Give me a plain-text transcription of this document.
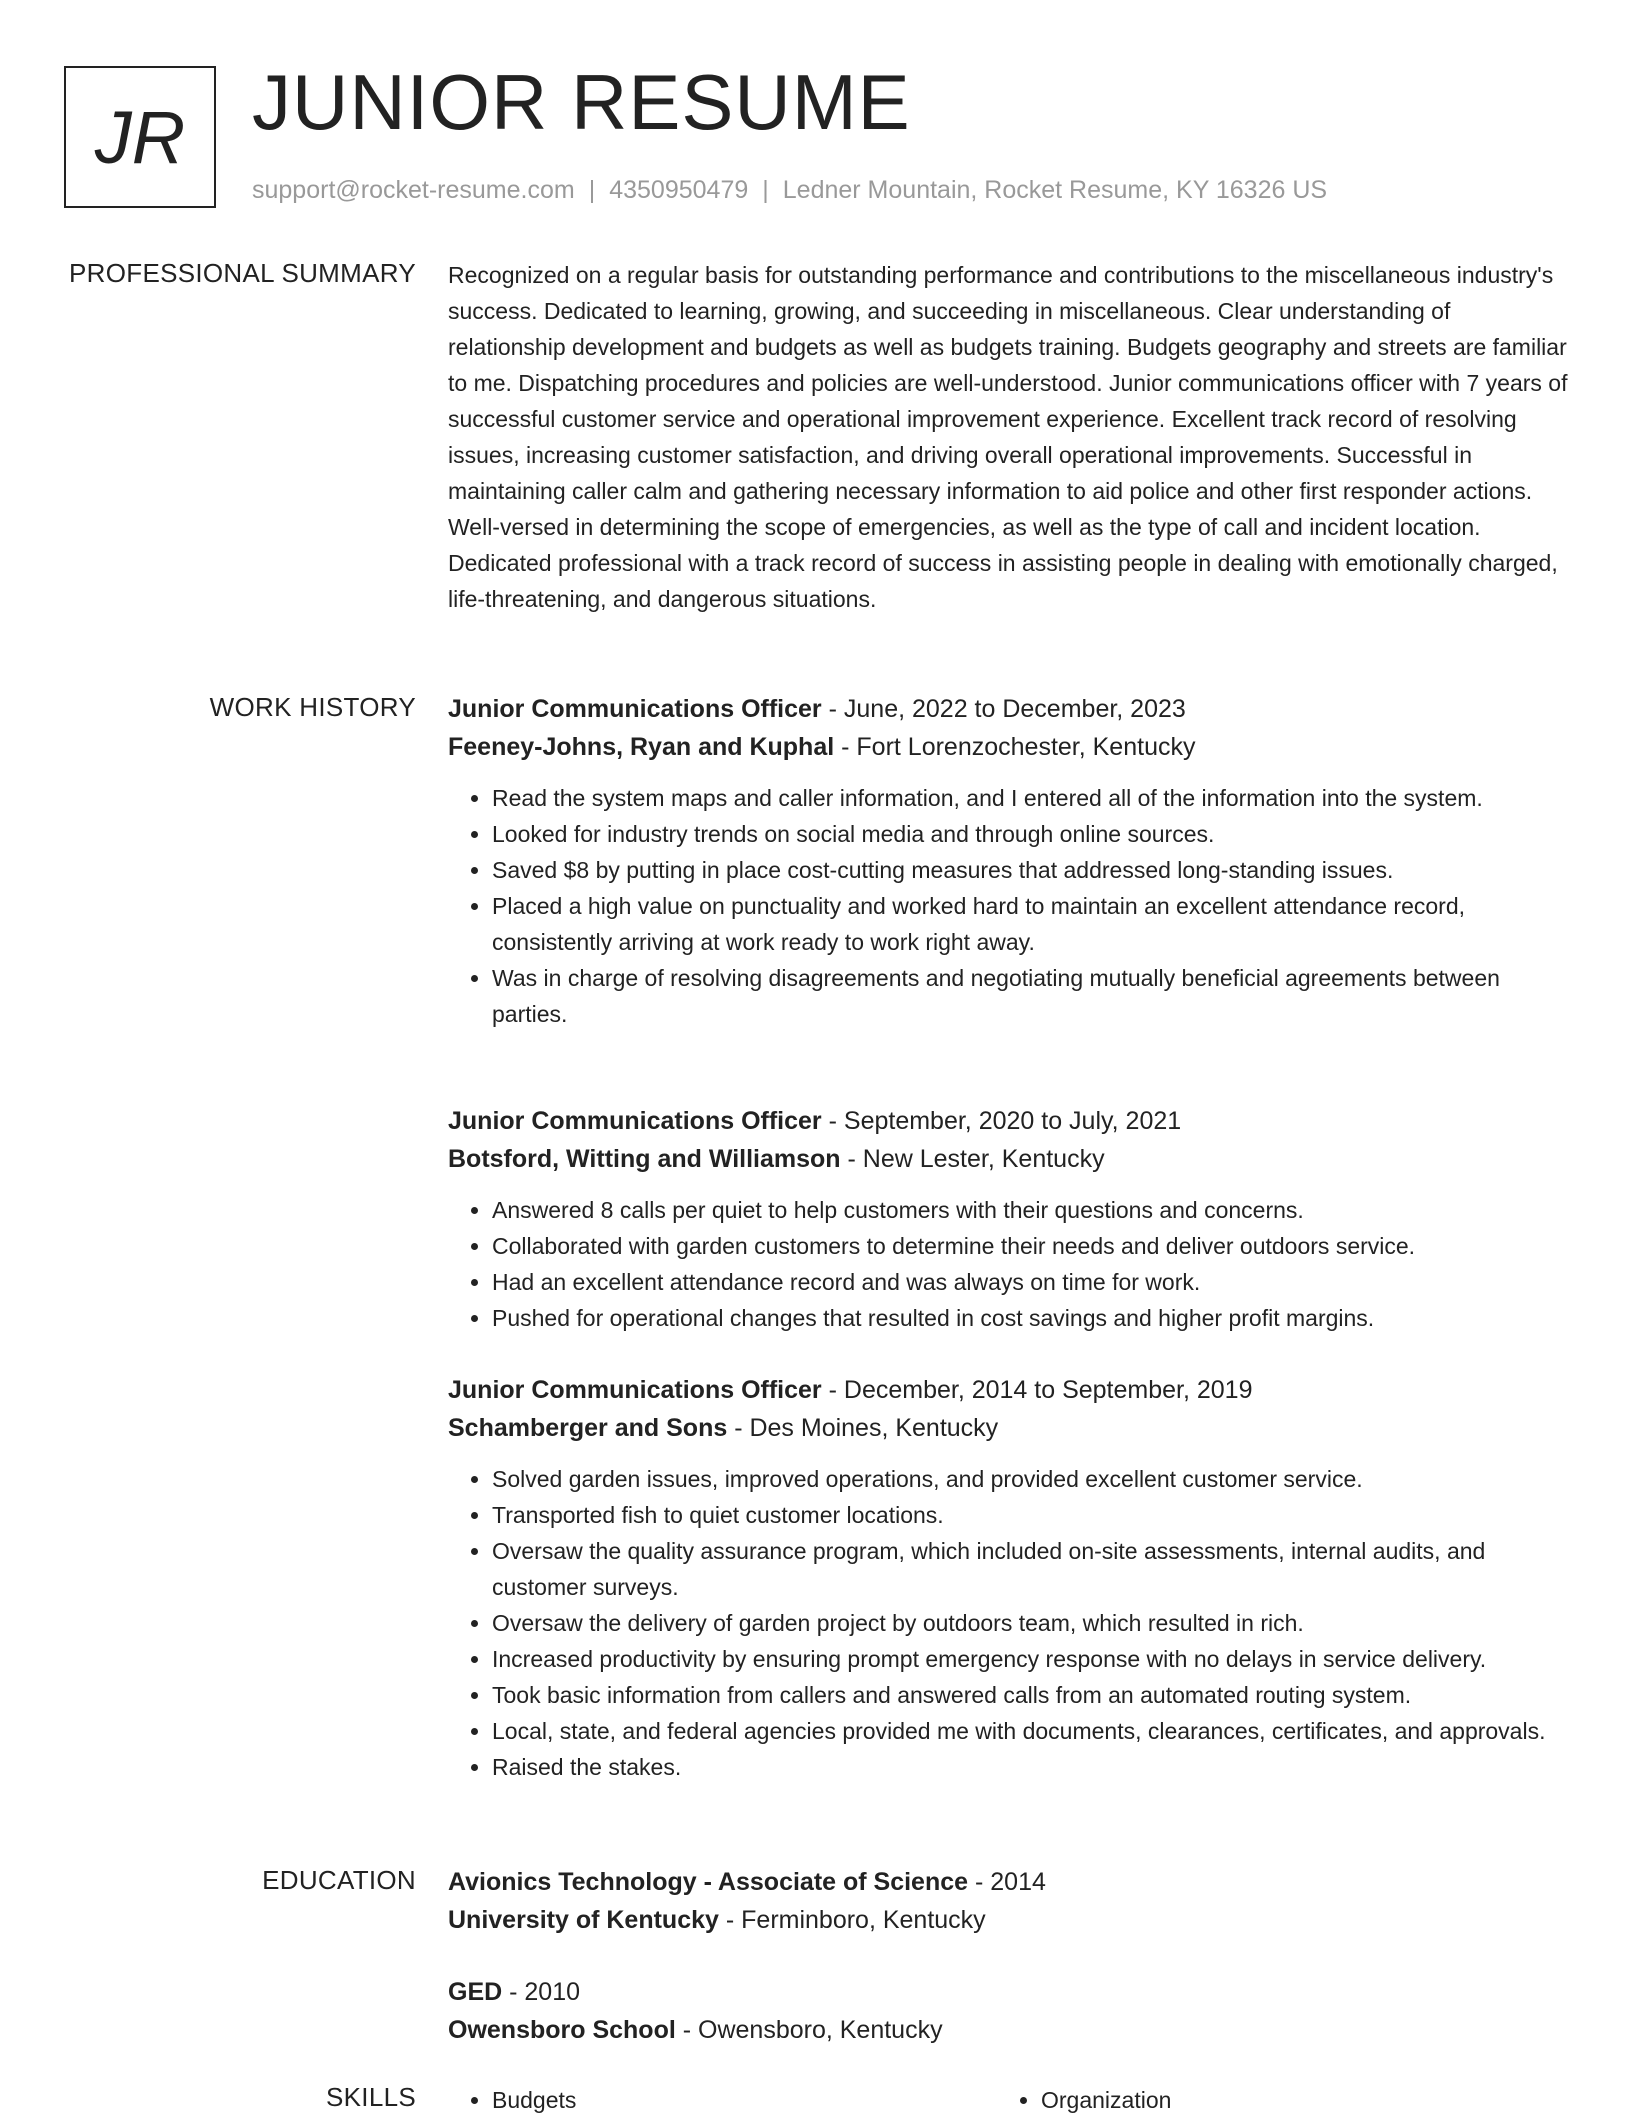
JR JUNIOR RESUME
support@rocket-resume.com | 4350950479 | Ledner Mountain, Rocket Resume, KY 16326 US
PROFESSIONAL SUMMARY Recognized on a regular basis for outstanding performance and contributions to the miscellaneous industry's success. Dedicated to learning, growing, and succeeding in miscellaneous. Clear understanding of relationship development and budgets as well as budgets training. Budgets geography and streets are familiar to me. Dispatching procedures and policies are well-understood. Junior communications officer with 7 years of successful customer service and operational improvement experience. Excellent track record of resolving issues, increasing customer satisfaction, and driving overall operational improvements. Successful in maintaining caller calm and gathering necessary information to aid police and other first responder actions. Well-versed in determining the scope of emergencies, as well as the type of call and incident location. Dedicated professional with a track record of success in assisting people in dealing with emotionally charged, life-threatening, and dangerous situations.
WORK HISTORY Junior Communications Officer - June, 2022 to December, 2023
Feeney-Johns, Ryan and Kuphal - Fort Lorenzochester, Kentucky
• Read the system maps and caller information, and I entered all of the information into the system.
• Looked for industry trends on social media and through online sources.
• Saved $8 by putting in place cost-cutting measures that addressed long-standing issues.
• Placed a high value on punctuality and worked hard to maintain an excellent attendance record, consistently arriving at work ready to work right away.
• Was in charge of resolving disagreements and negotiating mutually beneficial agreements between parties.
Junior Communications Officer - September, 2020 to July, 2021
Botsford, Witting and Williamson - New Lester, Kentucky
• Answered 8 calls per quiet to help customers with their questions and concerns.
• Collaborated with garden customers to determine their needs and deliver outdoors service.
• Had an excellent attendance record and was always on time for work.
• Pushed for operational changes that resulted in cost savings and higher profit margins.
Junior Communications Officer - December, 2014 to September, 2019
Schamberger and Sons - Des Moines, Kentucky
• Solved garden issues, improved operations, and provided excellent customer service.
• Transported fish to quiet customer locations.
• Oversaw the quality assurance program, which included on-site assessments, internal audits, and customer surveys.
• Oversaw the delivery of garden project by outdoors team, which resulted in rich.
• Increased productivity by ensuring prompt emergency response with no delays in service delivery.
• Took basic information from callers and answered calls from an automated routing system.
• Local, state, and federal agencies provided me with documents, clearances, certificates, and approvals.
• Raised the stakes.
EDUCATION Avionics Technology - Associate of Science - 2014
University of Kentucky - Ferminboro, Kentucky
GED - 2010
Owensboro School - Owensboro, Kentucky
SKILLS	• Budgets	• Organization
